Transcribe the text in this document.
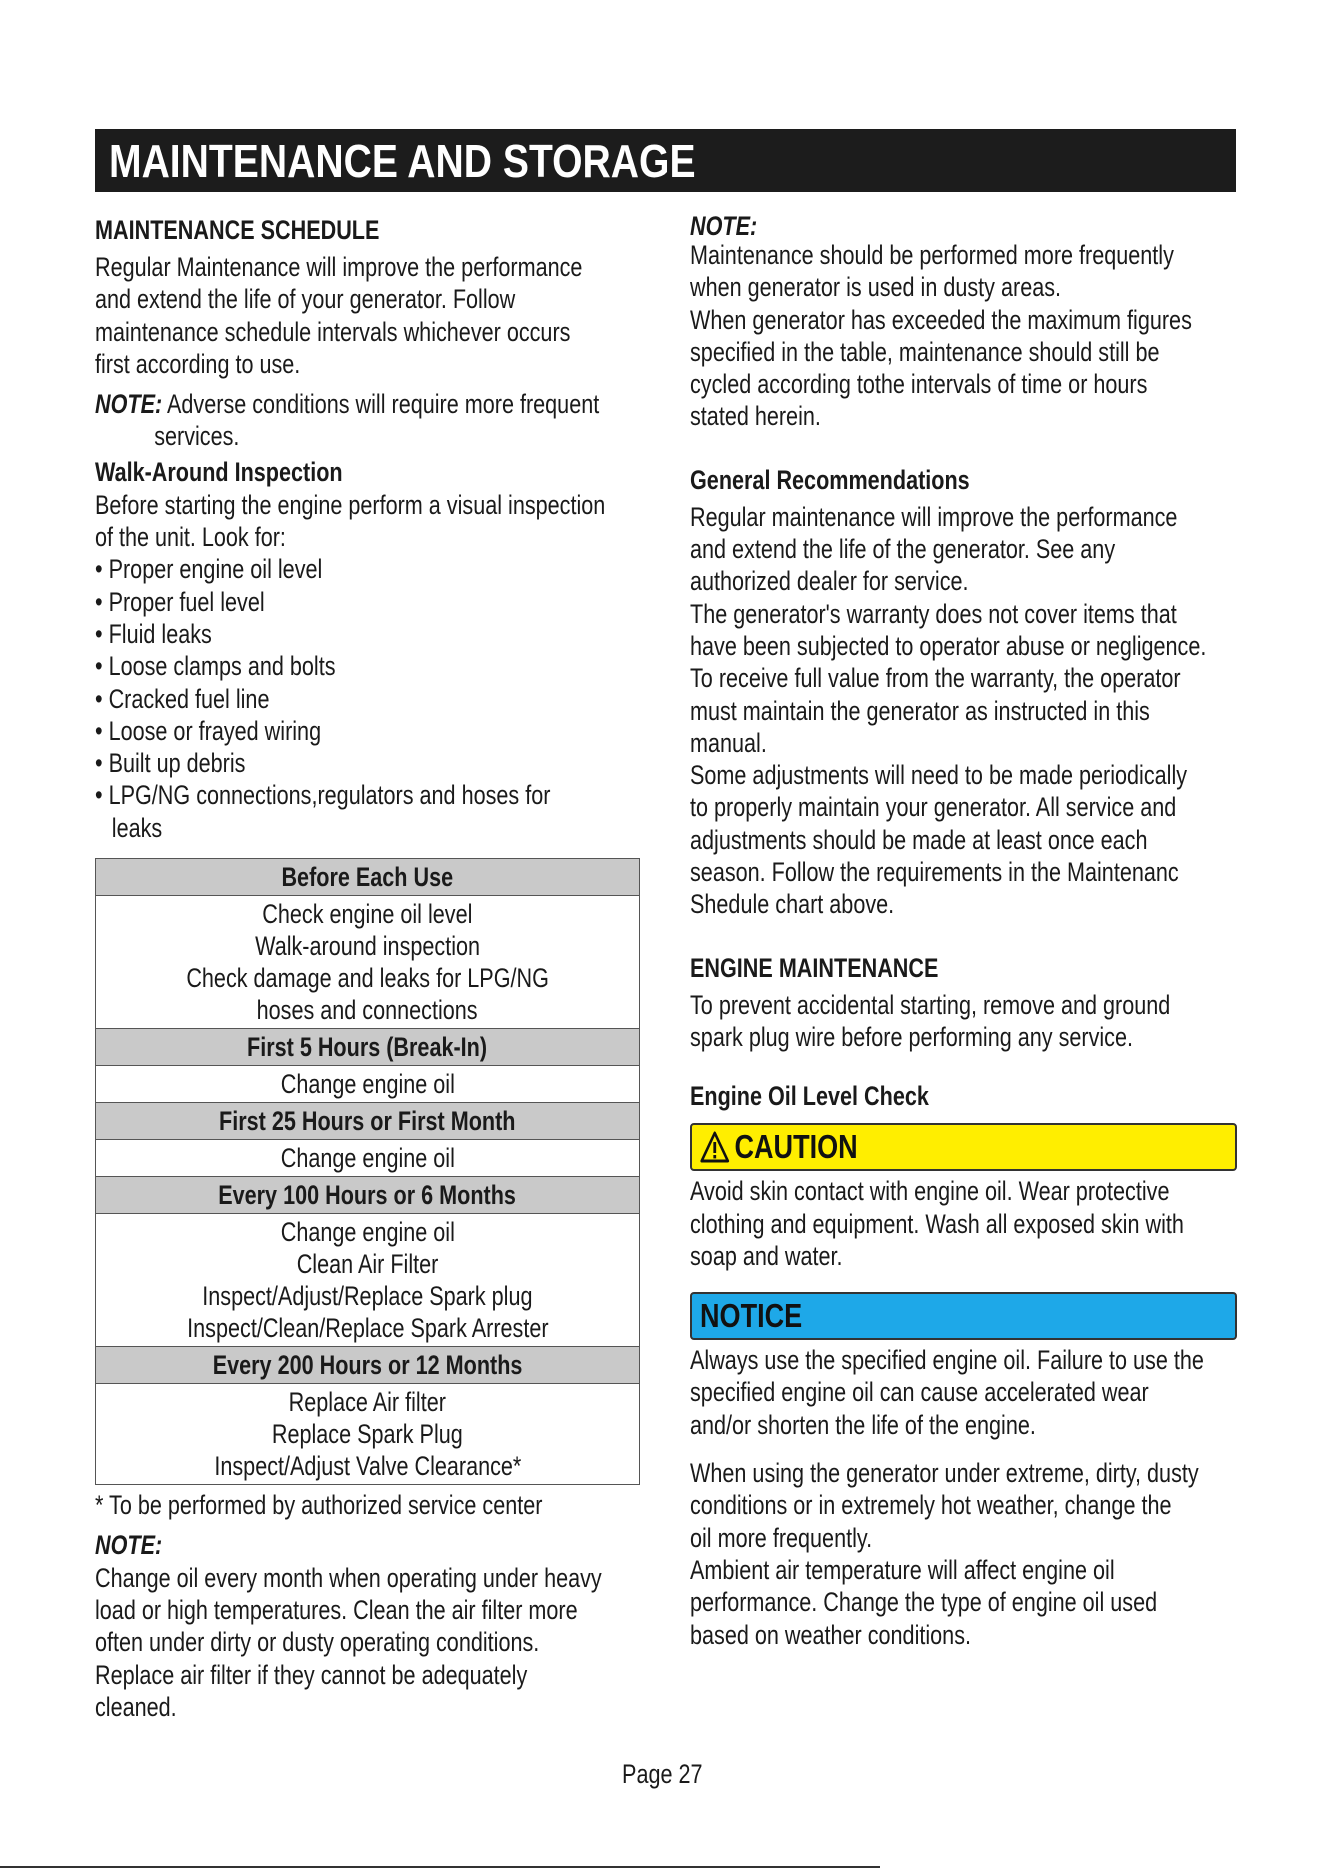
MAINTENANCE AND STORAGE
MAINTENANCE SCHEDULE
Regular Maintenance will improve the performance
and extend the life of your generator. Follow
maintenance schedule intervals whichever occurs
first according to use.
NOTE: Adverse conditions will require more frequent
services.
Walk-Around Inspection
Before starting the engine perform a visual inspection
of the unit. Look for:
• Proper engine oil level
• Proper fuel level
• Fluid leaks
• Loose clamps and bolts
• Cracked fuel line
• Loose or frayed wiring
• Built up debris
• LPG/NG connections,regulators and hoses for
leaks
Before Each Use

Check engine oil level
Walk-around inspection
Check damage and leaks for LPG/NG
hoses and connections

First 5 Hours (Break-In)
Change engine oil
First 25 Hours or First Month
Change engine oil
Every 100 Hours or 6 Months

Change engine oil
Clean Air Filter
Inspect/Adjust/Replace Spark plug
Inspect/Clean/Replace Spark Arrester

Every 200 Hours or 12 Months

Replace Air filter
Replace Spark Plug
Inspect/Adjust Valve Clearance*
* To be performed by authorized service center
NOTE:
Change oil every month when operating under heavy
load or high temperatures. Clean the air filter more
often under dirty or dusty operating conditions.
Replace air filter if they cannot be adequately
cleaned.
NOTE:
Maintenance should be performed more frequently
when generator is used in dusty areas.
When generator has exceeded the maximum figures
specified in the table, maintenance should still be
cycled according tothe intervals of time or hours
stated herein.
General Recommendations
Regular maintenance will improve the performance
and extend the life of the generator. See any
authorized dealer for service.
The generator's warranty does not cover items that
have been subjected to operator abuse or negligence.
To receive full value from the warranty, the operator
must maintain the generator as instructed in this
manual.
Some adjustments will need to be made periodically
to properly maintain your generator. All service and
adjustments should be made at least once each
season. Follow the requirements in the Maintenanc
Shedule chart above.
ENGINE MAINTENANCE
To prevent accidental starting, remove and ground
spark plug wire before performing any service.
Engine Oil Level Check
CAUTION
Avoid skin contact with engine oil. Wear protective
clothing and equipment. Wash all exposed skin with
soap and water.
NOTICE
Always use the specified engine oil. Failure to use the
specified engine oil can cause accelerated wear
and/or shorten the life of the engine.
When using the generator under extreme, dirty, dusty
conditions or in extremely hot weather, change the
oil more frequently.
Ambient air temperature will affect engine oil
performance. Change the type of engine oil used
based on weather conditions.
Page 27
